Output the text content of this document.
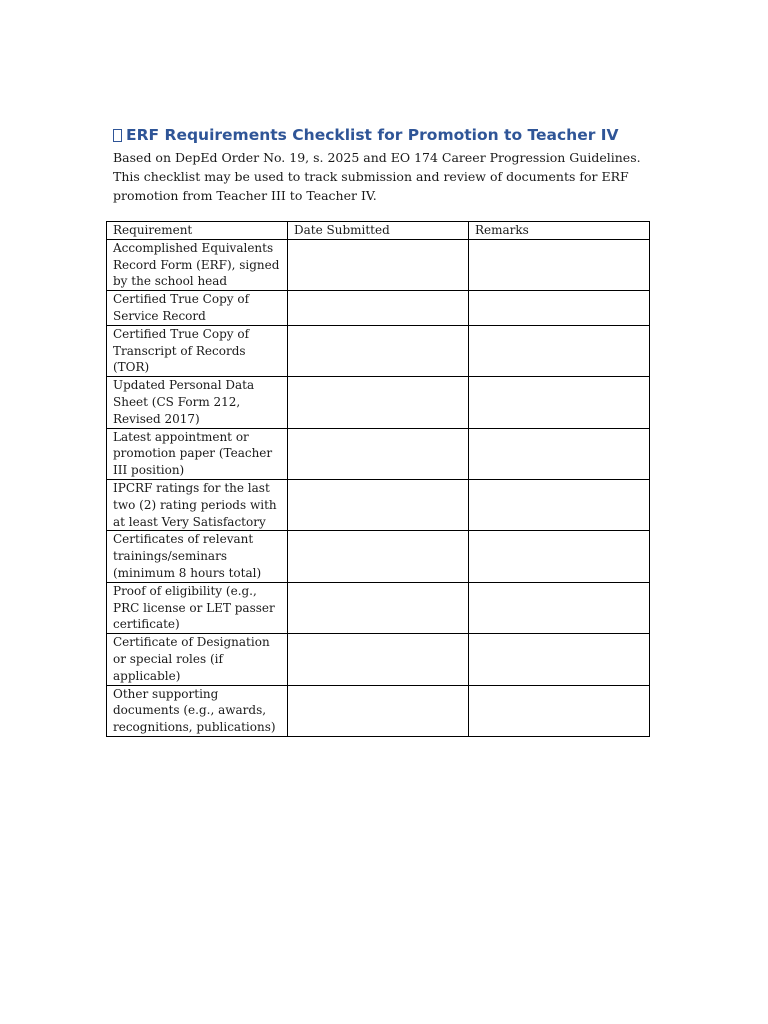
ERF Requirements Checklist for Promotion to Teacher IV
Based on DepEd Order No. 19, s. 2025 and EO 174 Career Progression Guidelines. This checklist may be used to track submission and review of documents for ERF promotion from Teacher III to Teacher IV.
Requirement	Date Submitted	Remarks
Accomplished Equivalents Record Form (ERF), signed by the school head		
Certified True Copy of Service Record		
Certified True Copy of Transcript of Records (TOR)		
Updated Personal Data Sheet (CS Form 212, Revised 2017)		
Latest appointment or promotion paper (Teacher III position)		
IPCRF ratings for the last two (2) rating periods with at least Very Satisfactory		
Certificates of relevant trainings/seminars (minimum 8 hours total)		
Proof of eligibility (e.g., PRC license or LET passer certificate)		
Certificate of Designation or special roles (if applicable)		
Other supporting documents (e.g., awards, recognitions, publications)		
